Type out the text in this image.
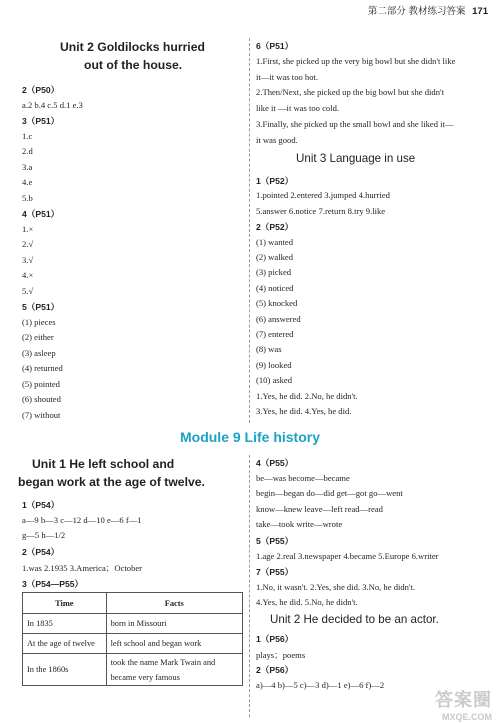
第二部分 教材练习答案 171
Unit 2 Goldilocks hurried
out of the house.
2（P50）
a.2 b.4 c.5 d.1 e.3
3（P51）
1.c
2.d
3.a
4.e
5.b
4（P51）
1.×
2.√
3.√
4.×
5.√
5（P51）
(1) pieces
(2) either
(3) asleep
(4) returned
(5) pointed
(6) shouted
(7) without
6（P51）
1.First, she picked up the very big bowl but she didn't like
it—it was too hot.
2.Then/Next, she picked up the big bowl but she didn't
like it —it was too cold.
3.Finally, she picked up the small bowl and she liked it—
it was good.
Unit 3 Language in use
1（P52）
1.pointed 2.entered 3.jumped 4.hurried
5.answer 6.notice 7.return 8.try 9.like
2（P52）
(1) wanted
(2) walked
(3) picked
(4) noticed
(5) knocked
(6) answered
(7) entered
(8) was
(9) looked
(10) asked
1.Yes, he did. 2.No, he didn't.
3.Yes, he did. 4.Yes, he did.
Module 9 Life history
Unit 1 He left school and
began work at the age of twelve.
1（P54）
a—9 b—3 c—12 d—10 e—6 f—1
g—5 h—1/2
2（P54）
1.was 2.1935 3.America；October
3（P54—P55）
Time	Facts
In 1835	born in Missouri
At the age of twelve	left school and began work
In the 1860s	took the name Mark Twain and became very famous
4（P55）
be—was become—became
begin—began do—did get—got go—went
know—knew leave—left read—read
take—took write—wrote
5（P55）
1.age 2.real 3.newspaper 4.became 5.Europe 6.writer
7（P55）
1.No, it wasn't. 2.Yes, she did. 3.No, he didn't.
4.Yes, he did. 5.No, he didn't.
Unit 2 He decided to be an actor.
1（P56）
plays；poems
2（P56）
a)—4 b)—5 c)—3 d)—1 e)—6 f)—2
答案圈
MXQE.COM
